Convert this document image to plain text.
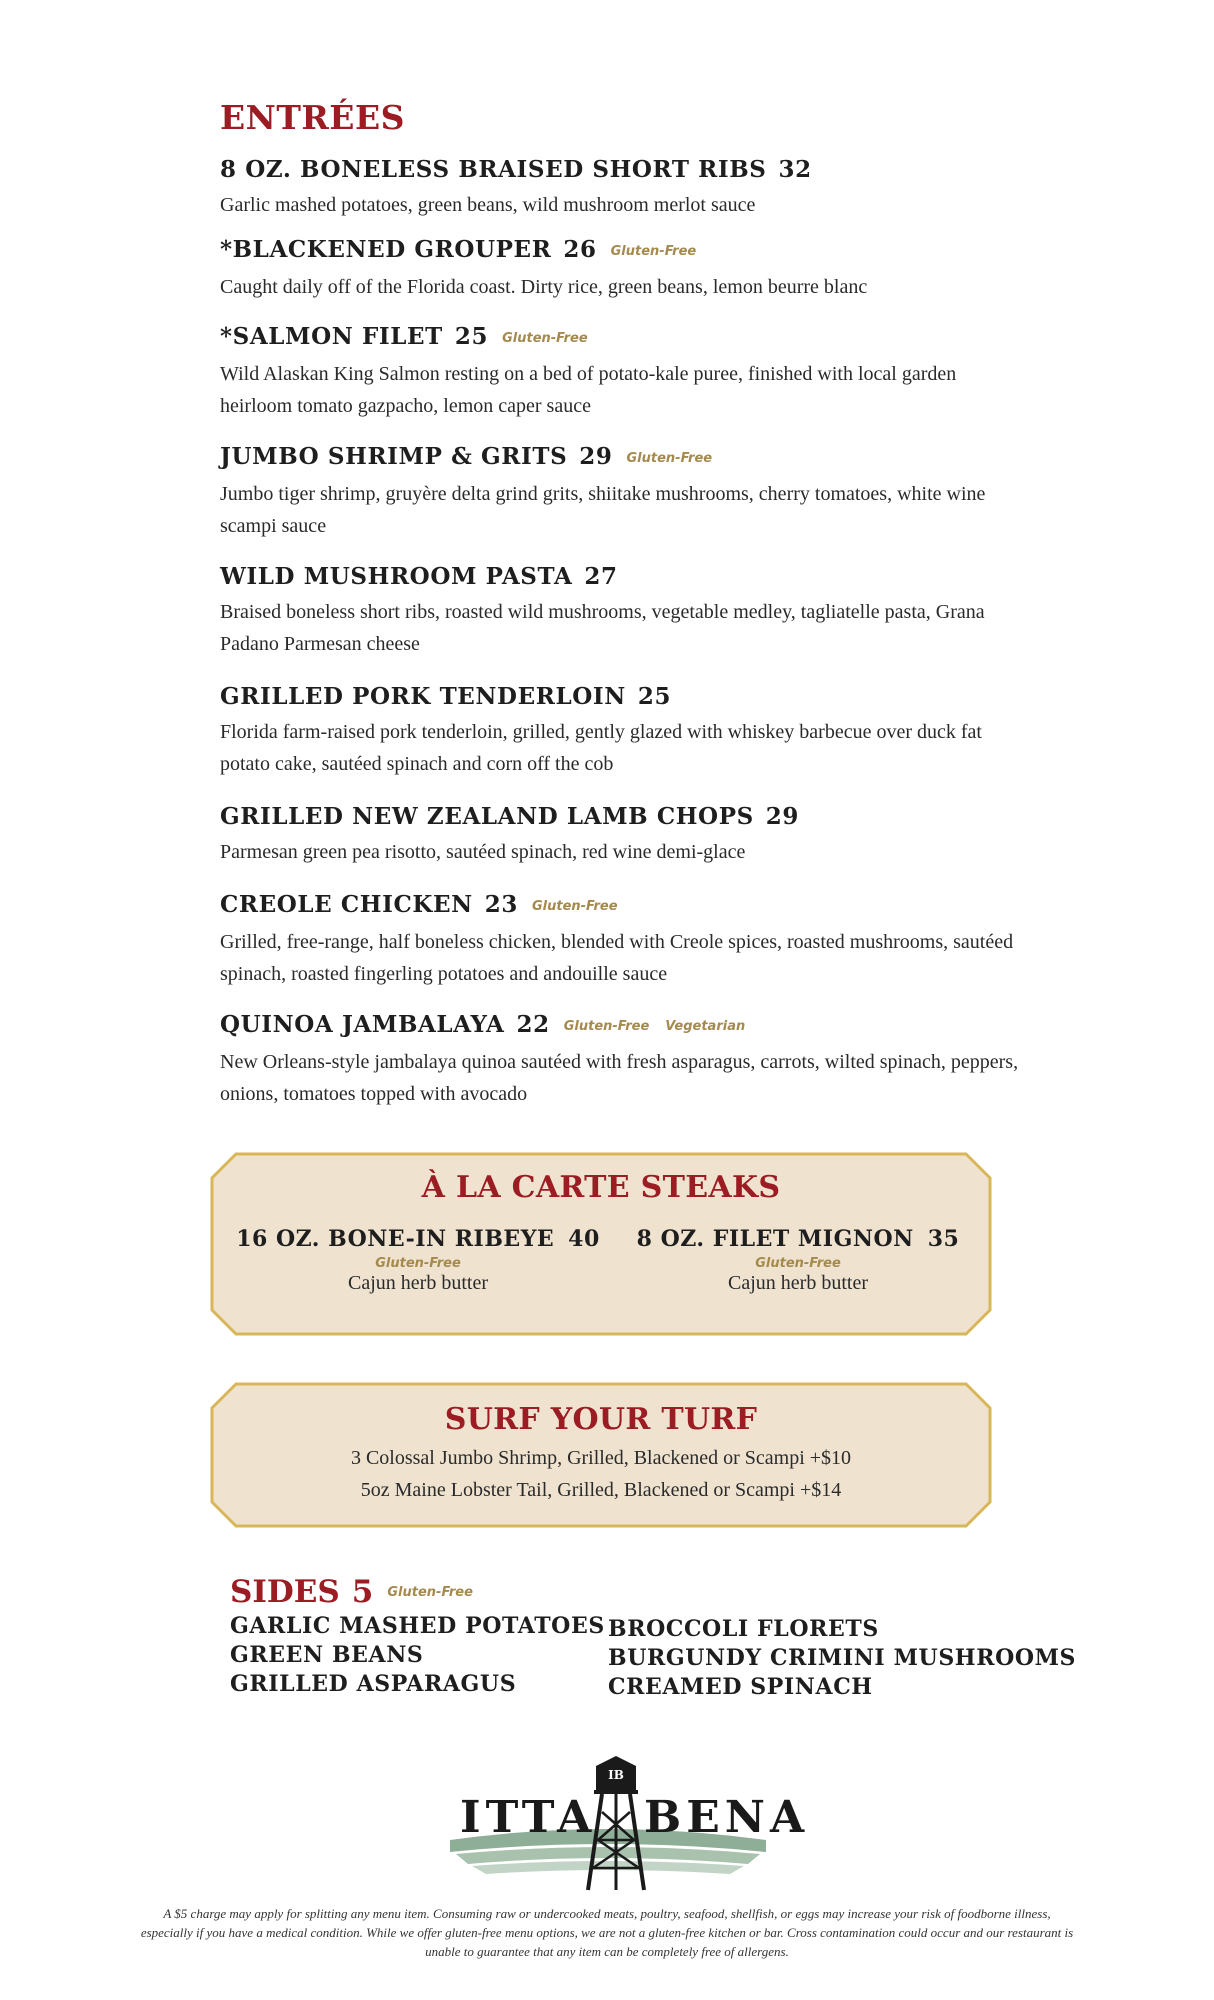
ENTRÉES
8 OZ. BONELESS BRAISED SHORT RIBS 32
Garlic mashed potatoes, green beans, wild mushroom merlot sauce
*BLACKENED GROUPER 26 Gluten-Free
Caught daily off of the Florida coast. Dirty rice, green beans, lemon beurre blanc
*SALMON FILET 25 Gluten-Free
Wild Alaskan King Salmon resting on a bed of potato-kale puree, finished with local garden heirloom tomato gazpacho, lemon caper sauce
JUMBO SHRIMP & GRITS 29 Gluten-Free
Jumbo tiger shrimp, gruyère delta grind grits, shiitake mushrooms, cherry tomatoes, white wine scampi sauce
WILD MUSHROOM PASTA 27
Braised boneless short ribs, roasted wild mushrooms, vegetable medley, tagliatelle pasta, Grana Padano Parmesan cheese
GRILLED PORK TENDERLOIN 25
Florida farm-raised pork tenderloin, grilled, gently glazed with whiskey barbecue over duck fat potato cake, sautéed spinach and corn off the cob
GRILLED NEW ZEALAND LAMB CHOPS 29
Parmesan green pea risotto, sautéed spinach, red wine demi-glace
CREOLE CHICKEN 23 Gluten-Free
Grilled, free-range, half boneless chicken, blended with Creole spices, roasted mushrooms, sautéed spinach, roasted fingerling potatoes and andouille sauce
QUINOA JAMBALAYA 22 Gluten-Free Vegetarian
New Orleans-style jambalaya quinoa sautéed with fresh asparagus, carrots, wilted spinach, peppers, onions, tomatoes topped with avocado
À LA CARTE STEAKS
16 OZ. BONE-IN RIBEYE 40
Gluten-Free
Cajun herb butter
8 OZ. FILET MIGNON 35
Gluten-Free
Cajun herb butter
SURF YOUR TURF
3 Colossal Jumbo Shrimp, Grilled, Blackened or Scampi +$10
5oz Maine Lobster Tail, Grilled, Blackened or Scampi +$14
SIDES 5 Gluten-Free
GARLIC MASHED POTATOES
GREEN BEANS
GRILLED ASPARAGUS
BROCCOLI FLORETS
BURGUNDY CRIMINI MUSHROOMS
CREAMED SPINACH
IB
ITTA BENA
A $5 charge may apply for splitting any menu item. Consuming raw or undercooked meats, poultry, seafood, shellfish, or eggs may increase your risk of foodborne illness, especially if you have a medical condition. While we offer gluten-free menu options, we are not a gluten-free kitchen or bar. Cross contamination could occur and our restaurant is unable to guarantee that any item can be completely free of allergens.
